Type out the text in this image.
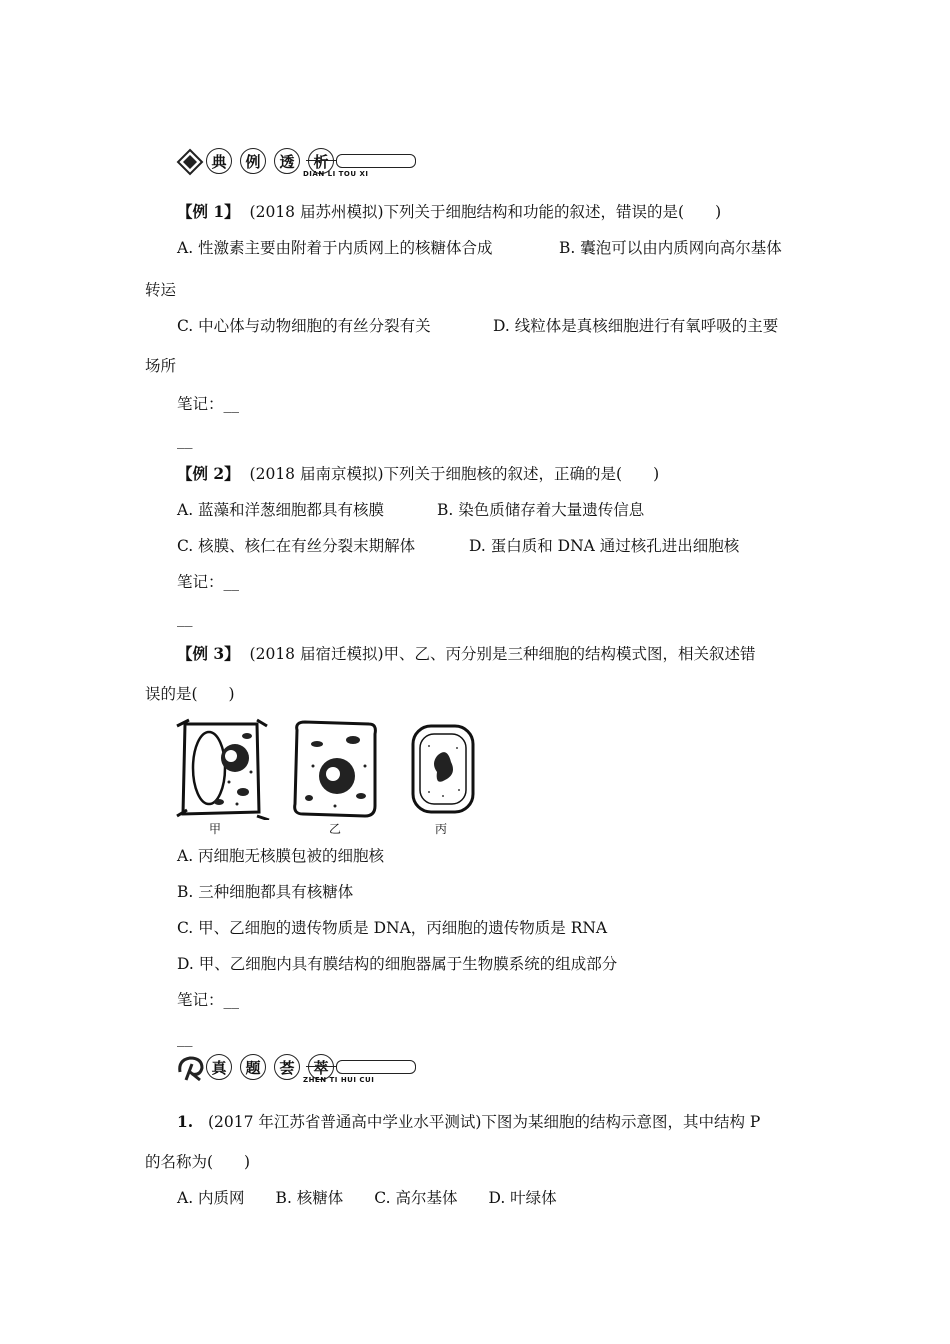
典	例	透	析
DIAN LI TOU XI
【例 1】 (2018 届苏州模拟)下列关于细胞结构和功能的叙述，错误的是(　　)
A. 性激素主要由附着于内质网上的核糖体合成	B. 囊泡可以由内质网向高尔基体
转运
C. 中心体与动物细胞的有丝分裂有关	D. 线粒体是真核细胞进行有氧呼吸的主要
场所
笔记：__
__
【例 2】 (2018 届南京模拟)下列关于细胞核的叙述，正确的是(　　)
A. 蓝藻和洋葱细胞都具有核膜	B. 染色质储存着大量遗传信息
C. 核膜、核仁在有丝分裂末期解体	D. 蛋白质和 DNA 通过核孔进出细胞核
笔记：__
__
【例 3】 (2018 届宿迁模拟)甲、乙、丙分别是三种细胞的结构模式图，相关叙述错
误的是(　　)
甲	乙	丙
A. 丙细胞无核膜包被的细胞核
B. 三种细胞都具有核糖体
C. 甲、乙细胞的遗传物质是 DNA，丙细胞的遗传物质是 RNA
D. 甲、乙细胞内具有膜结构的细胞器属于生物膜系统的组成部分
笔记：__
__
真	题	荟	萃
ZHEN TI HUI CUI
1. (2017 年江苏省普通高中学业水平测试)下图为某细胞的结构示意图，其中结构 P
的名称为(　　)
A. 内质网　　B. 核糖体　　C. 高尔基体　　D. 叶绿体
